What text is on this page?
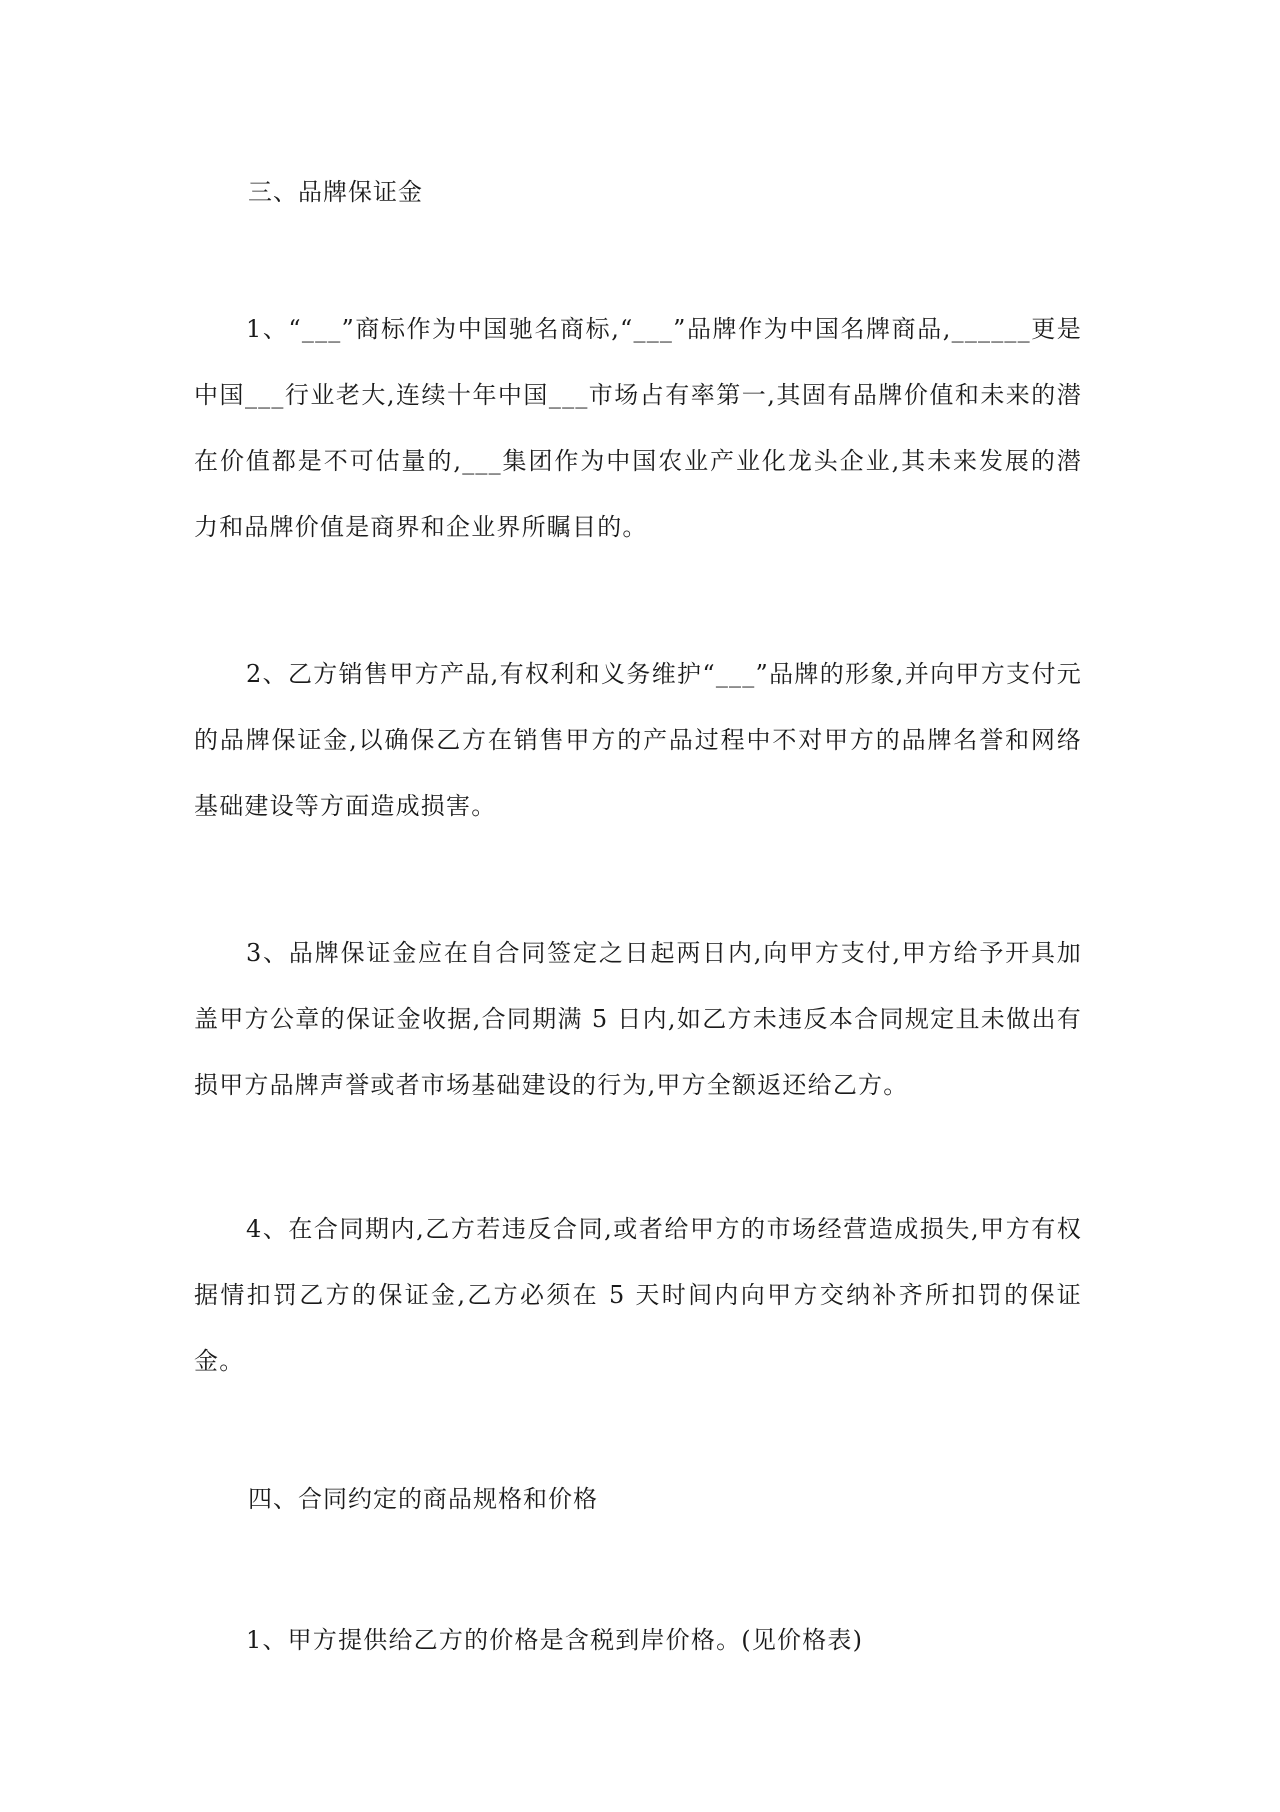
三、品牌保证金

1、“___”商标作为中国驰名商标,“___”品牌作为中国名牌商品,______更是中国___行业老大,连续十年中国___市场占有率第一,其固有品牌价值和未来的潜在价值都是不可估量的,___集团作为中国农业产业化龙头企业,其未来发展的潜力和品牌价值是商界和企业界所瞩目的。

2、乙方销售甲方产品,有权利和义务维护“___”品牌的形象,并向甲方支付元的品牌保证金,以确保乙方在销售甲方的产品过程中不对甲方的品牌名誉和网络基础建设等方面造成损害。

3、品牌保证金应在自合同签定之日起两日内,向甲方支付,甲方给予开具加盖甲方公章的保证金收据,合同期满 5 日内,如乙方未违反本合同规定且未做出有损甲方品牌声誉或者市场基础建设的行为,甲方全额返还给乙方。

4、在合同期内,乙方若违反合同,或者给甲方的市场经营造成损失,甲方有权据情扣罚乙方的保证金,乙方必须在 5 天时间内向甲方交纳补齐所扣罚的保证金。

四、合同约定的商品规格和价格

1、甲方提供给乙方的价格是含税到岸价格。(见价格表)
